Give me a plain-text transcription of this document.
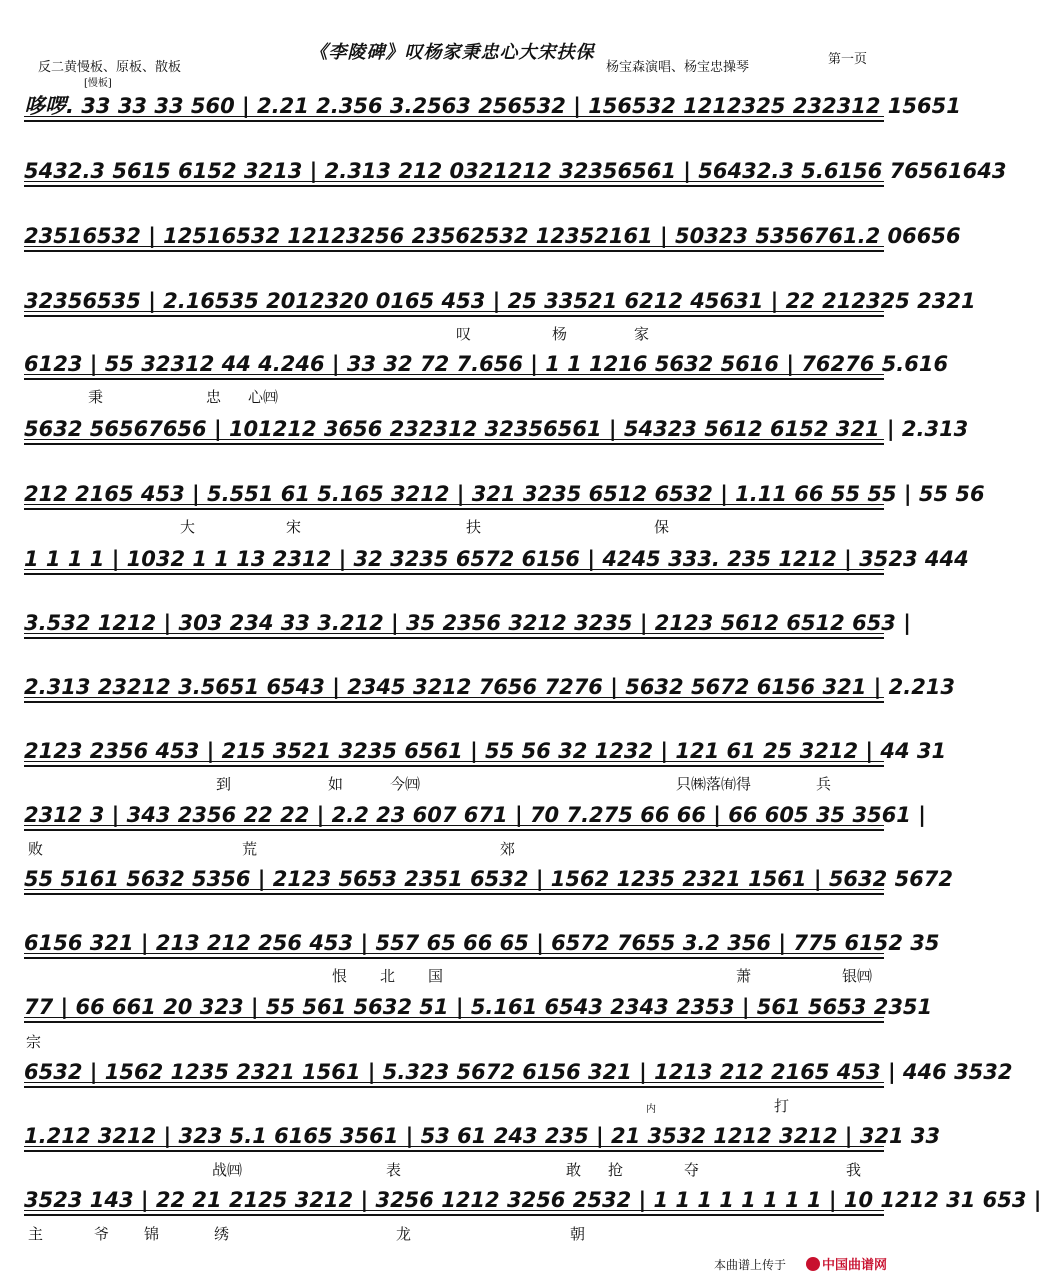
《李陵碑》叹杨家秉忠心大宋扶保
反二黄慢板、原板、散板
[慢板]
杨宝森演唱、杨宝忠操琴
第一页
哆啰. 33 33 33 560 | 2.21 2.356 3.2563 256532 | 156532 1212325 232312 15651
5432.3 5615 6152 3213 | 2.313 212 0321212 32356561 | 56432.3 5.6156 76561643
23516532 | 12516532 12123256 23562532 12352161 | 50323 5356761.2 06656
32356535 | 2.16535 2012320 0165 453 | 25 33521 6212 45631 | 22 212325 2321
6123 | 55 32312 44 4.246 | 33 32 72 7.656 | 1 1 1216 5632 5616 | 76276 5.616
5632 56567656 | 101212 3656 232312 32356561 | 54323 5612 6152 321 | 2.313
212 2165 453 | 5.551 61 5.165 3212 | 321 3235 6512 6532 | 1.11 66 55 55 | 55 56
1 1 1 1 | 1032 1 1 13 2312 | 32 3235 6572 6156 | 4245 333. 235 1212 | 3523 444
3.532 1212 | 303 234 33 3.212 | 35 2356 3212 3235 | 2123 5612 6512 653 |
2.313 23212 3.5651 6543 | 2345 3212 7656 7276 | 5632 5672 6156 321 | 2.213
2123 2356 453 | 215 3521 3235 6561 | 55 56 32 1232 | 121 61 25 3212 | 44 31
2312 3 | 343 2356 22 22 | 2.2 23 607 671 | 70 7.275 66 66 | 66 605 35 3561 |
55 5161 5632 5356 | 2123 5653 2351 6532 | 1562 1235 2321 1561 | 5632 5672
6156 321 | 213 212 256 453 | 557 65 66 65 | 6572 7655 3.2 356 | 775 6152 35
77 | 66 661 20 323 | 55 561 5632 51 | 5.161 6543 2343 2353 | 561 5653 2351
6532 | 1562 1235 2321 1561 | 5.323 5672 6156 321 | 1213 212 2165 453 | 446 3532
1.212 3212 | 323 5.1 6165 3561 | 53 61 243 235 | 21 3532 1212 3212 | 321 33
3523 143 | 22 21 2125 3212 | 3256 1212 3256 2532 | 1 1 1 1 1 1 1 1 | 10 1212 31 653 |
叹	杨	家
秉	忠 心㈣
大	宋	扶	保
到	如	今㈣	只㈱落㈲得	兵
败	荒	郊
恨 北 国	萧	银㈣
宗
内	打
战㈣	表	敢 抢	夺	我
主	爷 锦	绣	龙	朝
本曲谱上传于	中国曲谱网
